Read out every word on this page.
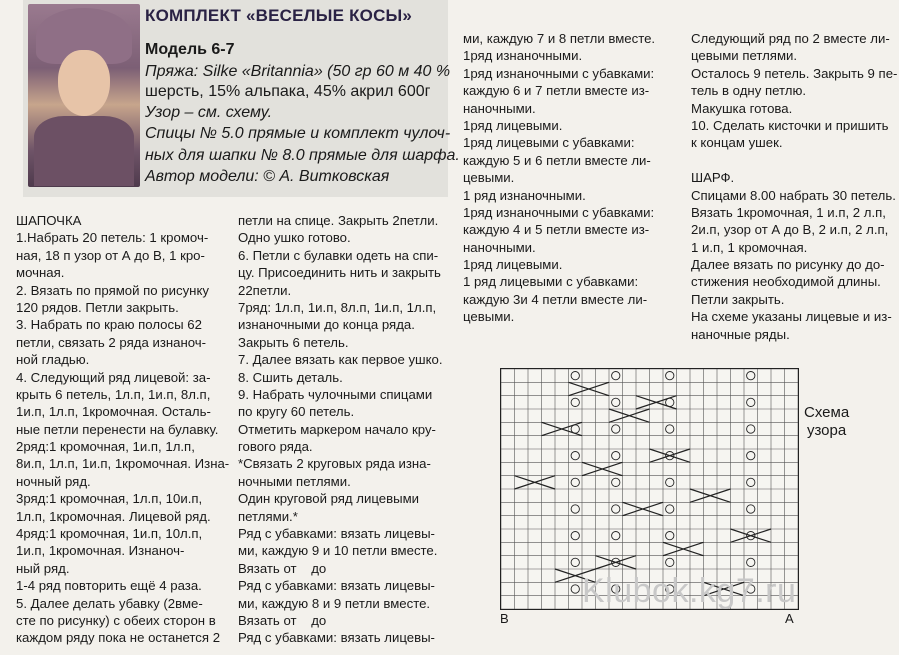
КОМПЛЕКТ «ВЕСЕЛЫЕ КОСЫ»
Модель 6-7
Пряжа: Silke «Britannia» (50 гр 60 м 40 %
шерсть, 15% альпака, 45% акрил 600г
Узор – см. схему.
Спицы № 5.0 прямые и комплект чулоч-
ных для шапки № 8.0 прямые для шарфа.
Автор модели: © А. Витковская
ШАПОЧКА
1.Набрать 20 петель: 1 кромоч-
ная, 18 п узор от А до В, 1 кро-
мочная.
2. Вязать по прямой по рисунку
120 рядов. Петли закрыть.
3. Набрать по краю полосы 62
петли, связать 2 ряда изнаноч-
ной гладью.
4. Следующий ряд лицевой: за-
крыть 6 петель, 1л.п, 1и.п, 8л.п,
1и.п, 1л.п, 1кромочная. Осталь-
ные петли перенести на булавку.
2ряд:1 кромочная, 1и.п, 1л.п,
8и.п, 1л.п, 1и.п, 1кромочная. Изна-
ночный ряд.
3ряд:1 кромочная, 1л.п, 10и.п,
1л.п, 1кромочная. Лицевой ряд.
4ряд:1 кромочная, 1и.п, 10л.п,
1и.п, 1кромочная. Изнаноч-
ный ряд.
1-4 ряд повторить ещё 4 раза.
5. Далее делать убавку (2вме-
сте по рисунку) с обеих сторон в
каждом ряду пока не останется 2
петли на спице. Закрыть 2петли.
Одно ушко готово.
6. Петли с булавки одеть на спи-
цу. Присоединить нить и закрыть
22петли.
7ряд: 1л.п, 1и.п, 8л.п, 1и.п, 1л.п,
изнаночными до конца ряда.
Закрыть 6 петель.
7. Далее вязать как первое ушко.
8. Сшить деталь.
9. Набрать чулочными спицами
по кругу 60 петель.
Отметить маркером начало кру-
гового ряда.
*Связать 2 круговых ряда изна-
ночными петлями.
Один круговой ряд лицевыми
петлями.*
Ряд с убавками: вязать лицевы-
ми, каждую 9 и 10 петли вместе.
Вязать от    до
Ряд с убавками: вязать лицевы-
ми, каждую 8 и 9 петли вместе.
Вязать от    до
Ряд с убавками: вязать лицевы-
ми, каждую 7 и 8 петли вместе.
1ряд изнаночными.
1ряд изнаночными с убавками:
каждую 6 и 7 петли вместе из-
наночными.
1ряд лицевыми.
1ряд лицевыми с убавками:
каждую 5 и 6 петли вместе ли-
цевыми.
1 ряд изнаночными.
1ряд изнаночными с убавками:
каждую 4 и 5 петли вместе из-
наночными.
1ряд лицевыми.
1 ряд лицевыми с убавками:
каждую 3и 4 петли вместе ли-
цевыми.
Следующий ряд по 2 вместе ли-
цевыми петлями.
Осталось 9 петель. Закрыть 9 пе-
тель в одну петлю.
Макушка готова.
10. Сделать кисточки и пришить
к концам ушек.
ШАРФ.
Спицами 8.00 набрать 30 петель.
Вязать 1кромочная, 1 и.п, 2 л.п,
2и.п, узор от А до В, 2 и.п, 2 л.п,
1 и.п, 1 кромочная.
Далее вязать по рисунку до до-
стижения необходимой длины.
Петли закрыть.
На схеме указаны лицевые и из-
наночные ряды.
В	А
Схема
узора
Klubok.kg7.ru
